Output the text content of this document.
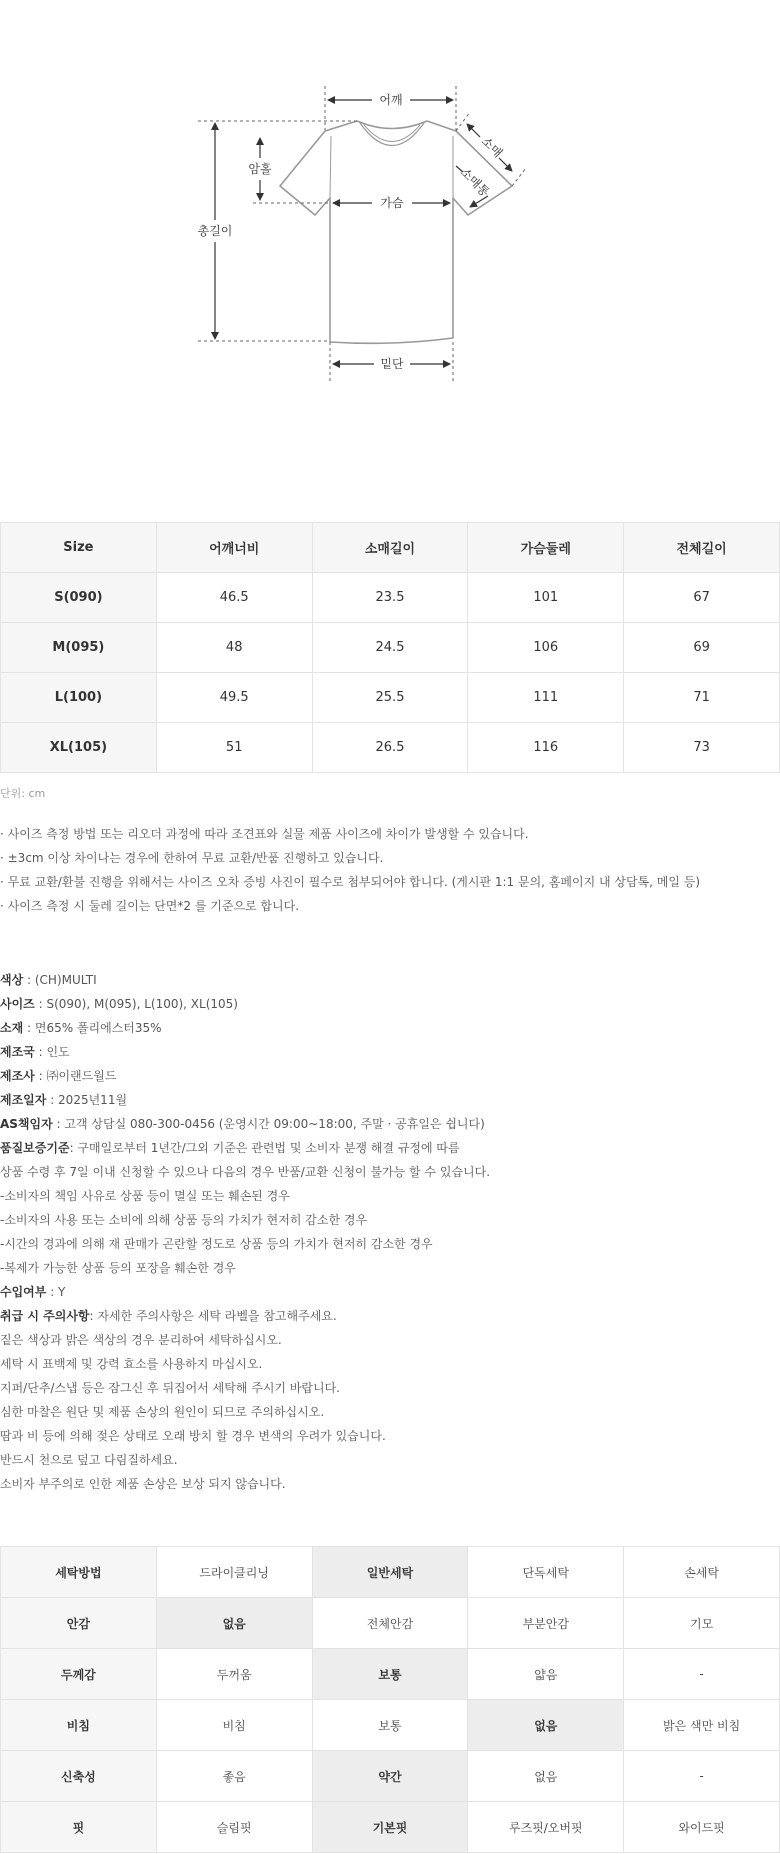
어깨
총길이
암홀
가슴
밑단
소매
소매통
Size	어깨너비	소매길이	가슴둘레	전체길이
S(090)	46.5	23.5	101	67
M(095)	48	24.5	106	69
L(100)	49.5	25.5	111	71
XL(105)	51	26.5	116	73
단위: cm
· 사이즈 측정 방법 또는 리오더 과정에 따라 조견표와 실물 제품 사이즈에 차이가 발생할 수 있습니다.
· ±3cm 이상 차이나는 경우에 한하여 무료 교환/반품 진행하고 있습니다.
· 무료 교환/환불 진행을 위해서는 사이즈 오차 증빙 사진이 필수로 첨부되어야 합니다. (게시판 1:1 문의, 홈페이지 내 상담톡, 메일 등)
· 사이즈 측정 시 둘레 길이는 단면*2 를 기준으로 합니다.
색상 : (CH)MULTI
사이즈 : S(090), M(095), L(100), XL(105)
소재 : 면65% 폴리에스터35%
제조국 : 인도
제조사 : ㈜이랜드월드
제조일자 : 2025년11월
AS책임자 : 고객 상담실 080-300-0456 (운영시간 09:00~18:00, 주말 · 공휴일은 쉽니다)
품질보증기준: 구매일로부터 1년간/그외 기준은 관련법 및 소비자 분쟁 해결 규정에 따름
상품 수령 후 7일 이내 신청할 수 있으나 다음의 경우 반품/교환 신청이 불가능 할 수 있습니다.
-소비자의 책임 사유로 상품 등이 멸실 또는 훼손된 경우
-소비자의 사용 또는 소비에 의해 상품 등의 가치가 현저히 감소한 경우
-시간의 경과에 의해 재 판매가 곤란할 정도로 상품 등의 가치가 현저히 감소한 경우
-복제가 가능한 상품 등의 포장을 훼손한 경우
수입여부 : Y
취급 시 주의사항: 자세한 주의사항은 세탁 라벨을 참고해주세요.
짙은 색상과 밝은 색상의 경우 분리하여 세탁하십시오.
세탁 시 표백제 및 강력 효소를 사용하지 마십시오.
지퍼/단추/스냅 등은 잠그신 후 뒤집어서 세탁해 주시기 바랍니다.
심한 마찰은 원단 및 제품 손상의 원인이 되므로 주의하십시오.
땀과 비 등에 의해 젖은 상태로 오래 방치 할 경우 변색의 우려가 있습니다.
반드시 천으로 덮고 다림질하세요.
소비자 부주의로 인한 제품 손상은 보상 되지 않습니다.
세탁방법	드라이클리닝	일반세탁	단독세탁	손세탁
안감	없음	전체안감	부분안감	기모
두께감	두꺼움	보통	얇음	-
비침	비침	보통	없음	밝은 색만 비침
신축성	좋음	약간	없음	-
핏	슬림핏	기본핏	루즈핏/오버핏	와이드핏
